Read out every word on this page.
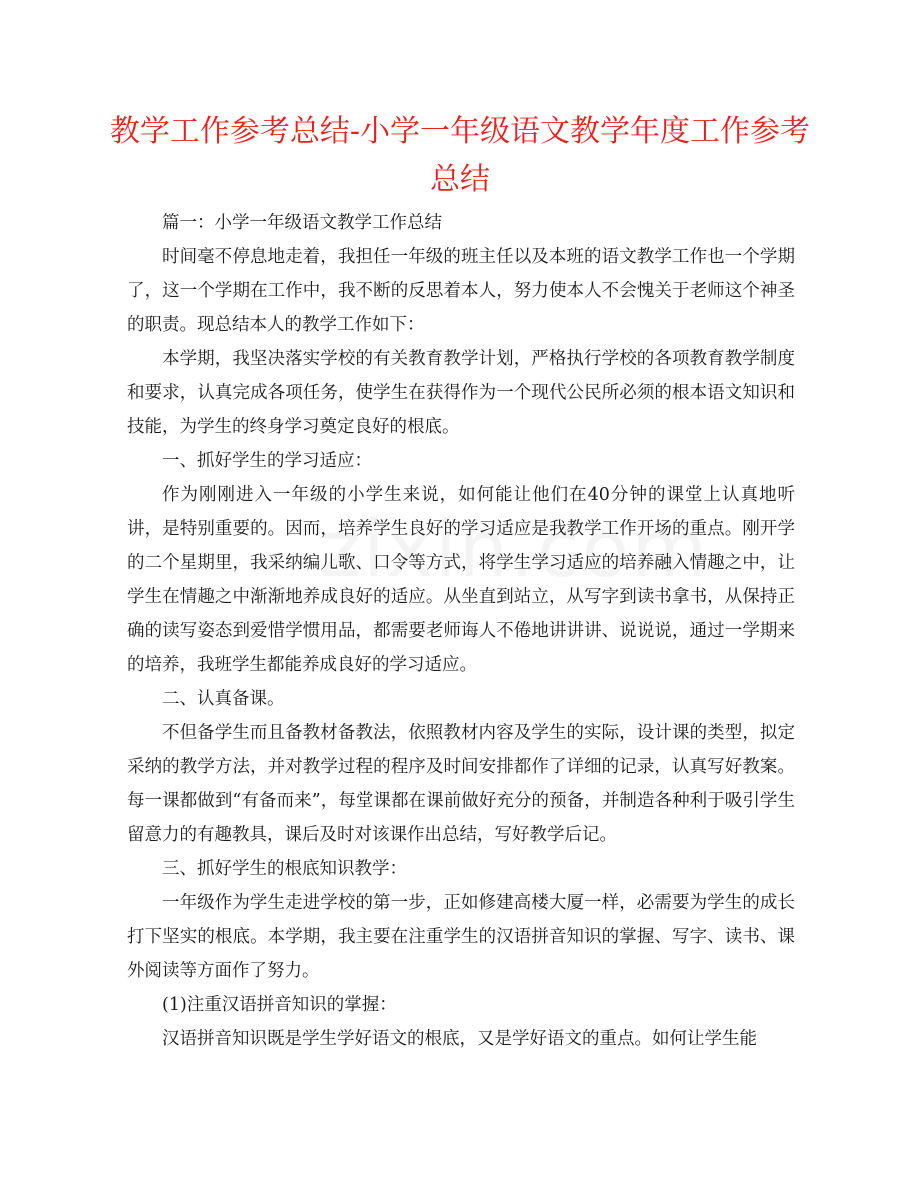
教学工作参考总结-小学一年级语文教学年度工作参考总结

篇一：小学一年级语文教学工作总结

时间毫不停息地走着，我担任一年级的班主任以及本班的语文教学工作也一个学期了，这一个学期在工作中，我不断的反思着本人，努力使本人不会愧关于老师这个神圣的职责。现总结本人的教学工作如下：

本学期，我坚决落实学校的有关教育教学计划，严格执行学校的各项教育教学制度和要求，认真完成各项任务，使学生在获得作为一个现代公民所必须的根本语文知识和技能，为学生的终身学习奠定良好的根底。

一、抓好学生的学习适应：

作为刚刚进入一年级的小学生来说，如何能让他们在40分钟的课堂上认真地听讲，是特别重要的。因而，培养学生良好的学习适应是我教学工作开场的重点。刚开学的二个星期里，我采纳编儿歌、口令等方式，将学生学习适应的培养融入情趣之中，让学生在情趣之中渐渐地养成良好的适应。从坐直到站立，从写字到读书拿书，从保持正确的读写姿态到爱惜学惯用品，都需要老师诲人不倦地讲讲讲、说说说，通过一学期来的培养，我班学生都能养成良好的学习适应。

二、认真备课。

不但备学生而且备教材备教法，依照教材内容及学生的实际，设计课的类型，拟定采纳的教学方法，并对教学过程的程序及时间安排都作了详细的记录，认真写好教案。每一课都做到“有备而来”，每堂课都在课前做好充分的预备，并制造各种利于吸引学生留意力的有趣教具，课后及时对该课作出总结，写好教学后记。

三、抓好学生的根底知识教学：

一年级作为学生走进学校的第一步，正如修建高楼大厦一样，必需要为学生的成长打下坚实的根底。本学期，我主要在注重学生的汉语拼音知识的掌握、写字、读书、课外阅读等方面作了努力。

(1)注重汉语拼音知识的掌握：

汉语拼音知识既是学生学好语文的根底，又是学好语文的重点。如何让学生能
